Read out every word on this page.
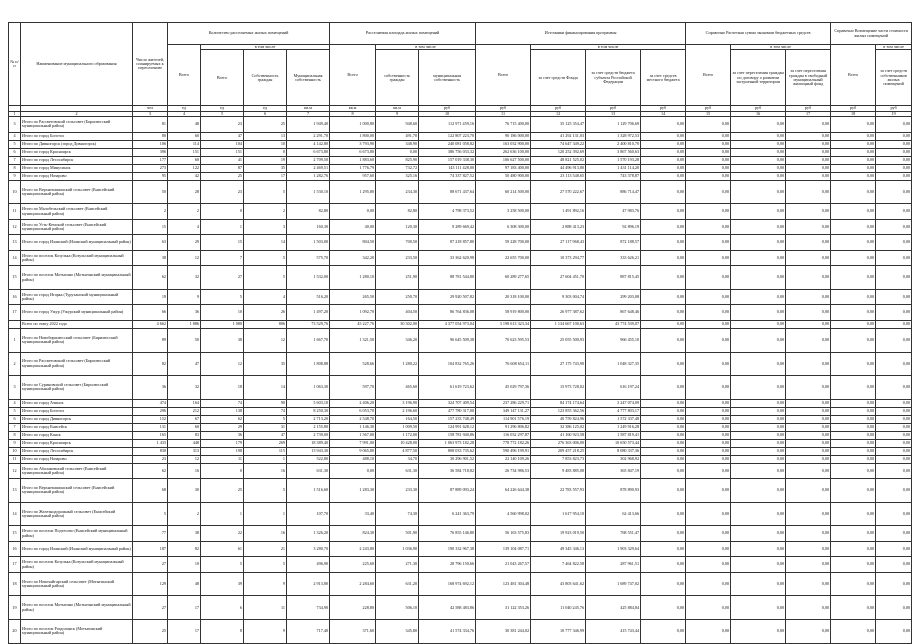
№ п/п	Наименование муниципального образования	Число жителей, планируемых к переселению	Количество расселяемых жилых помещений				Расселяемая площадь жилых помещений			Источники финансирования программы				Справочно Расчетная сумма экономии бюджетных средств			Справочно Возмещение части стоимости жилых помещений		
			Всего	в том числе			Всего	в том числе		Всего	в том числе			Всего	в том числе		Всего	в том числе	
				Всего	Собственность граждан	Муниципальная собственность		собственность граждан	муниципальная собственность		за счет средств Фонда	за счет средств бюджета субъекта Российской Федерации	за счет средств местного бюджета		за счет переселения граждан по договору о развитии застроенной территории	за счет переселения граждан в свободный муниципальный жилищный фонд		за счет средств собственников жилых помещений	
		чел	ед	ед	ед	кв.м	кв.м	кв.м	руб	руб	руб	руб	руб	руб	руб	руб	руб	руб	
1	2	3	4	5	6	7	8	9	10	11	12	13	14	15	16	17	18	19	
3	Итого по Рассветовский сельсовет (Бирилюсский муниципальный район)	81	48	23	25	1 949,40	1 000,80	948,60	112 971 459,16	76 715 400,00	35 125 354,47	1 129 706,69	0,00	0,00	0,00	0,00	0,00	0,00	
4	Итого по город Боготол	80	60	47	13	2 291,70	1 800,00	491,70	122 807 223,70	90 186 000,00	41 292 131,03	1 328 972,53	0,00	0,00	0,00	0,00	0,00	0,00	
5	Итого по Дивногорск (город Дивногорск)	106	114	104	10	4 142,80	3 793,90	348,90	240 081 058,82	163 032 900,00	74 647 349,22	2 400 810,70	0,00	0,00	0,00	0,00	0,00	0,00	
6	Итого по город Красноярск	396	151	151	0	6 673,80	6 673,80	0,00	386 756 033,32	262 636 100,00	120 252 392,69	3 867 560,63	0,00	0,00	0,00	0,00	0,00	0,00	
7	Итого по город Лесосибирск	177	60	41	19	2 709,50	1 883,60	825,90	157 019 338,30	106 627 500,00	48 821 525,02	1 570 193,28	0,00	0,00	0,00	0,00	0,00	0,00	
8	Итого по город Минусинск	273	122	87	35	2 469,51	1 776,79	732,72	143 111 428,00	97 183 400,00	44 496 913,80	1 431 114,20	0,00	0,00	0,00	0,00	0,00	0,00	
9	Итого по город Назарово	95	42	25	17	1 282,76	957,60	325,16	74 337 827,52	50 480 900,00	23 113 548,65	743 378,87	0,00	0,00	0,00	0,00	0,00	0,00	
10	Итого по Верхнепашинский сельсовет (Енисейский муниципальный район)	50	28	23	5	1 530,10	1 295,80	234,30	88 671 437,64	60 214 500,00	27 570 222,67	886 714,47	0,00	0,00	0,00	0,00	0,00	0,00	
11	Итого по Малобельский сельсовет (Енисейский муниципальный район)	2	2	0	2	82,80	0,00	82,80	4 798 373,52	3 258 500,00	1 491 892,16	47 983,76	0,00	0,00	0,00	0,00	0,00	0,00	
12	Итого по Усть-Кемский сельсовет (Енисейский муниципальный район)	15	4	1	3	160,30	40,00	120,30	9 289 669,42	6 308 300,00	2 888 413,23	92 896,19	0,00	0,00	0,00	0,00	0,00	0,00	
13	Итого по город Иланский (Иланский муниципальный район)	63	29	15	14	1 503,00	804,50	700,50	87 218 857,80	59 228 700,00	27 117 968,43	872 188,57	0,00	0,00	0,00	0,00	0,00	0,00	
14	Итого по поселок Козулька (Козульский муниципальный район)	38	12	7	5	575,70	342,20	233,50	33 362 620,98	22 655 700,00	10 373 294,77	333 626,21	0,00	0,00	0,00	0,00	0,00	0,00	
15	Итого по поселок Мотыгино (Мотыгинский муниципальный район)	62	32	27	5	1 532,00	1 280,10	251,90	88 781 544,80	60 289 277,65	27 604 451,70	887 815,45	0,00	0,00	0,00	0,00	0,00	0,00	
16	Итого по город Игарка (Туруханский муниципальный район)	19	9	5	4	516,20	265,50	250,70	29 920 507,82	20 318 100,00	9 303 004,74	299 203,08	0,00	0,00	0,00	0,00	0,00	0,00	
17	Итого по город Ужур (Ужурский муниципальный район)	66	36	10	26	1 497,20	1 092,70	404,50	86 764 836,08	58 919 800,00	26 977 387,62	867 648,46	0,00	0,00	0,00	0,00	0,00	0,00	
	Всего по этапу 2022 года	4 662	1 886	1 080	806	73 529,76	45 227,76	30 302,00	4 377 054 973,04	3 198 613 323,34	1 134 667 100,63	43 774 539,07	0,00	0,00	0,00	0,00	0,00	0,00	
1	Итого по Новобирилюсский сельсовет (Бирилюсский муниципальный район)	89	50	38	12	1 667,70	1 321,50	346,20	96 645 509,38	70 623 595,53	25 055 500,93	966 455,10	0,00	0,00	0,00	0,00	0,00	0,00	
2	Итого по Рассветовский сельсовет (Бирилюсский муниципальный район)	82	47	12	35	1 808,88	528,66	1 280,22	104 832 765,26	76 608 654,11	27 175 743,90	1 048 327,35	0,00	0,00	0,00	0,00	0,00	0,00	
3	Итого по Суриновский сельсовет (Бирилюсский муниципальный район)	36	32	18	14	1 063,30	597,70	465,60	61 619 723,62	45 029 797,36	15 973 728,02	616 197,24	0,00	0,00	0,00	0,00	0,00	0,00	
4	Итого по город Ачинск	474	164	74	90	5 603,10	2 406,20	3 196,90	324 707 409,54	237 286 229,71	84 174 174,64	3 247 074,09	0,00	0,00	0,00	0,00	0,00	0,00	
5	Итого по город Боготол	296	212	138	74	8 250,30	6 053,70	2 196,60	477 780 317,00	349 147 131,27	123 855 362,56	4 777 803,17	0,00	0,00	0,00	0,00	0,00	0,00	
6	Итого по город Дивногорск	152	67	62	5	2 713,20	2 548,70	164,50	157 233 748,49	114 901 576,19	40 759 824,96	1 572 337,48	0,00	0,00	0,00	0,00	0,00	0,00	
7	Итого по город Енисейск	131	60	29	31	2 155,80	1 146,30	1 009,50	124 991 628,12	91 296 806,82	32 386 125,02	1 249 916,28	0,00	0,00	0,00	0,00	0,00	0,00	
8	Итого по город Канск	165	83	36	47	2 739,00	1 567,00	1 172,00	158 781 940,86	116 032 297,87	41 160 923,58	1 587 819,41	0,00	0,00	0,00	0,00	0,00	0,00	
9	Итого по город Красноярск	1 433	448	179	269	18 389,40	7 991,00	10 428,00	1 063 973 182,28	778 772 182,26	276 363 006,00	10 650 573,44	0,00	0,00	0,00	0,00	0,00	0,00	
10	Итого по город Лесосибирск	830	313	198	115	13 943,30	9 065,80	4 877,50	808 033 735,62	590 496 199,91	209 457 218,25	8 080 337,36	0,00	0,00	0,00	0,00	0,00	0,00	
11	Итого по город Назарово	23	12	11	1	522,80	488,10	34,70	30 296 901,52	22 140 109,26	7 853 823,73	302 968,92	0,00	0,00	0,00	0,00	0,00	0,00	
12	Итого по Абалаковский сельсовет (Енисейский муниципальный район)	62	16	0	16	631,30	0,00	631,30	36 584 718,82	26 734 986,53	9 483 885,08	365 847,19	0,00	0,00	0,00	0,00	0,00	0,00	
13	Итого по Верхнепашинский сельсовет (Енисейский муниципальный район)	68	30	25	5	1 516,60	1 283,30	233,30	87 889 093,24	64 226 644,38	22 783 557,93	878 890,93	0,00	0,00	0,00	0,00	0,00	0,00	
14	Итого по Железнодорожный сельсовет (Енисейский муниципальный район)	5	2	1	1	107,70	33,40	74,30	6 241 363,79	4 560 998,02	1 617 954,10	62 413,66	0,00	0,00	0,00	0,00	0,00	0,00	
15	Итого по поселок Подтесово (Енисейский муниципальный район)	77	38	22	16	1 326,20	824,30	501,90	76 855 146,80	56 163 575,83	19 923 019,50	768 551,47	0,00	0,00	0,00	0,00	0,00	0,00	
16	Итого по город Иланский (Иланский муниципальный район)	187	82	61	21	3 280,70	2 243,80	1 036,90	190 332 967,38	139 104 087,71	49 345 346,13	1 903 329,64	0,00	0,00	0,00	0,00	0,00	0,00	
17	Итого по поселок Козулька (Козульский муниципальный район)	27	10	5	5	496,90	225,60	271,30	28 796 150,66	21 043 267,57	7 464 822,58	287 961,51	0,00	0,00	0,00	0,00	0,00	0,00	
18	Итого по Новохайгарский сельсовет (Мотыгинский муниципальный район)	129	48	39	9	2 913,80	2 284,60	631,20	168 974 692,12	123 481 304,48	43 803 641,62	1 689 747,02	0,00	0,00	0,00	0,00	0,00	0,00	
19	Итого по поселок Мотыгино (Мотыгинский муниципальный район)	27	17	6	11	734,90	228,80	506,10	42 588 483,86	31 122 353,26	11 040 245,76	425 884,84	0,00	0,00	0,00	0,00	0,00	0,00	
20	Итого по поселок Раздолинск (Мотыгинский муниципальный район)	25	17	8	9	717,40	371,60	345,80	41 574 334,76	30 381 244,02	10 777 346,99	415 743,44	0,00	0,00	0,00	0,00	0,00	0,00	
